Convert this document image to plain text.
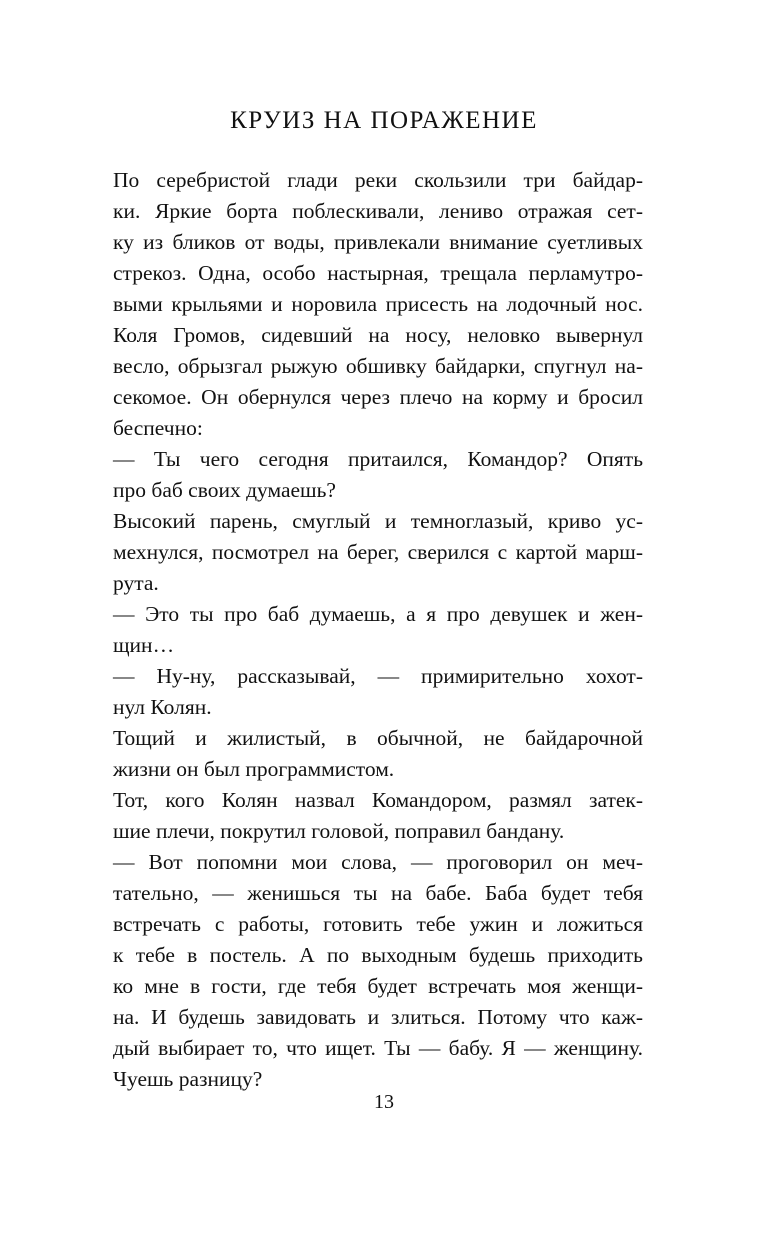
КРУИЗ НА ПОРАЖЕНИЕ
По серебристой глади реки скользили три байдар-
ки. Яркие борта поблескивали, лениво отражая сет-
ку из бликов от воды, привлекали внимание суетливых
стрекоз. Одна, особо настырная, трещала перламутро-
выми крыльями и норовила присесть на лодочный нос.
Коля Громов, сидевший на носу, неловко вывернул
весло, обрызгал рыжую обшивку байдарки, спугнул на-
секомое. Он обернулся через плечо на корму и бросил
беспечно:
— Ты чего сегодня притаился, Командор? Опять
про баб своих думаешь?
Высокий парень, смуглый и темноглазый, криво ус-
мехнулся, посмотрел на берег, сверился с картой марш-
рута.
— Это ты про баб думаешь, а я про девушек и жен-
щин…
— Ну-ну, рассказывай, — примирительно хохот-
нул Колян.
Тощий и жилистый, в обычной, не байдарочной
жизни он был программистом.
Тот, кого Колян назвал Командором, размял затек-
шие плечи, покрутил головой, поправил бандану.
— Вот попомни мои слова, — проговорил он меч-
тательно, — женишься ты на бабе. Баба будет тебя
встречать с работы, готовить тебе ужин и ложиться
к тебе в постель. А по выходным будешь приходить
ко мне в гости, где тебя будет встречать моя женщи-
на. И будешь завидовать и злиться. Потому что каж-
дый выбирает то, что ищет. Ты — бабу. Я — женщину.
Чуешь разницу?
13
